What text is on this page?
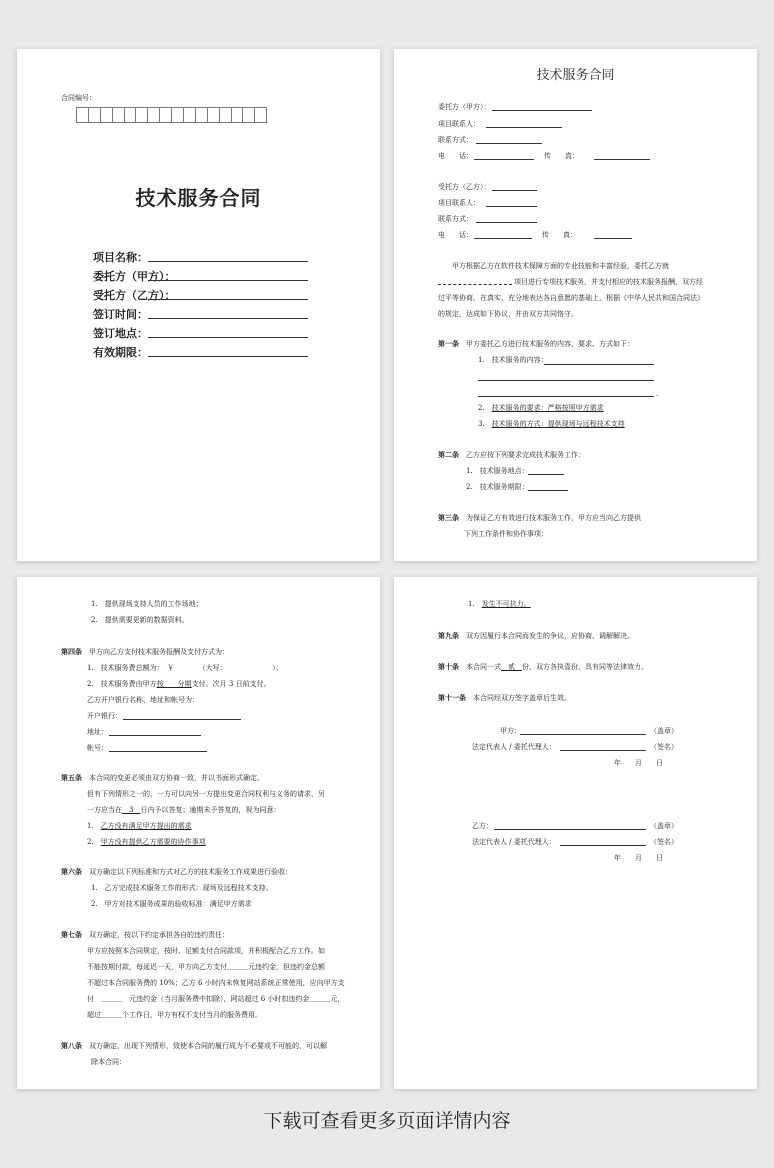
合同编号：
技术服务合同
项目名称：
委托方（甲方）：
受托方（乙方）：
签订时间：
签订地点：
有效期限：
技术服务合同
委托方（甲方）：
项目联系人：
联系方式：
电　　话：	传　　真：
受托方（乙方）：
项目联系人：
联系方式：
电　　话：	传　　真：
甲方根据乙方在软件技术保障方面的专业技能和丰富经验，委托乙方就
项目进行专项技术服务，并支付相应的技术服务报酬，双方经
过平等协商，在真实、充分地表达各自意愿的基础上，根据《中华人民共和国合同法》
的规定，达成如下协议，并由双方共同恪守。
第一条　 甲方委托乙方进行技术服务的内容、要求、方式如下：
1.　技术服务的内容：
.
2.　技术服务的要求：严格按照甲方需求
3.　技术服务的方式：提供现场与远程技术支持
第二条　 乙方应按下列要求完成技术服务工作：
1.　技术服务地点：
2.　技术服务期限：
第三条　 为保证乙方有效进行技术服务工作，甲方应当向乙方提供
下列工作条件和协作事项：
1.　提供现场支持人员的工作场地；
2.　提供需要更新的数据资料。
第四条　 甲方向乙方支付技术服务报酬及支付方式为：
1.　技术服务费总额为：　￥　　　　（大写：　　　　　　　）；
2.　技术服务费由甲方按　　分期支付。次月 3 日前支付。
乙方开户银行名称、地址和帐号为：
开户银行：
地址：
帐号：
第五条　 本合同的变更必须由双方协商一致，并以书面形式确定。
但有下列情形之一的，一方可以向另一方提出变更合同权利与义务的请求，另
一方应当在　3　日内予以答复；逾期未予答复的，视为同意：
1.　乙方没有满足甲方提出的需求
2.　甲方没有提供乙方需要的协作事项
第六条　 双方确定以下列标准和方式对乙方的技术服务工作成果进行验收：
1.　乙方完成技术服务工作的形式：现场及远程技术支持。
2.　甲方对技术服务成果的验收标准：满足甲方需求
第七条　 双方确定，按以下约定承担各自的违约责任：
甲方应按照本合同规定，按时、足额支付合同款项，并积极配合乙方工作。如
不能按期付款，每延迟一天，甲方向乙方支付＿＿＿元违约金，但违约金总额
不超过本合同服务费的 10%；乙方 6 小时内未恢复网站系统正常使用，应向甲方支
付　＿＿＿　元违约金（当月服务费中扣除），网站超过 6 小时扣违约金＿＿＿元，
超过＿＿＿个工作日，甲方有权不支付当月的服务费用。
第八条　 双方确定，出现下列情形，致使本合同的履行成为不必要或不可能的，可以解
除本合同：
1.　发生不可抗力。
第九条　 双方因履行本合同而发生的争议，应协商、调解解决。
第十条　 本合同一式　贰　份，双方各执壹份，具有同等法律效力。
第十一条　 本合同经双方签字盖章后生效。
甲方：	（盖章）
法定代表人 / 委托代理人：	（签名）
年　　月　　日
乙方：	（盖章）
法定代表人 / 委托代理人：	（签名）
年　　月　　日
下载可查看更多页面详情内容
